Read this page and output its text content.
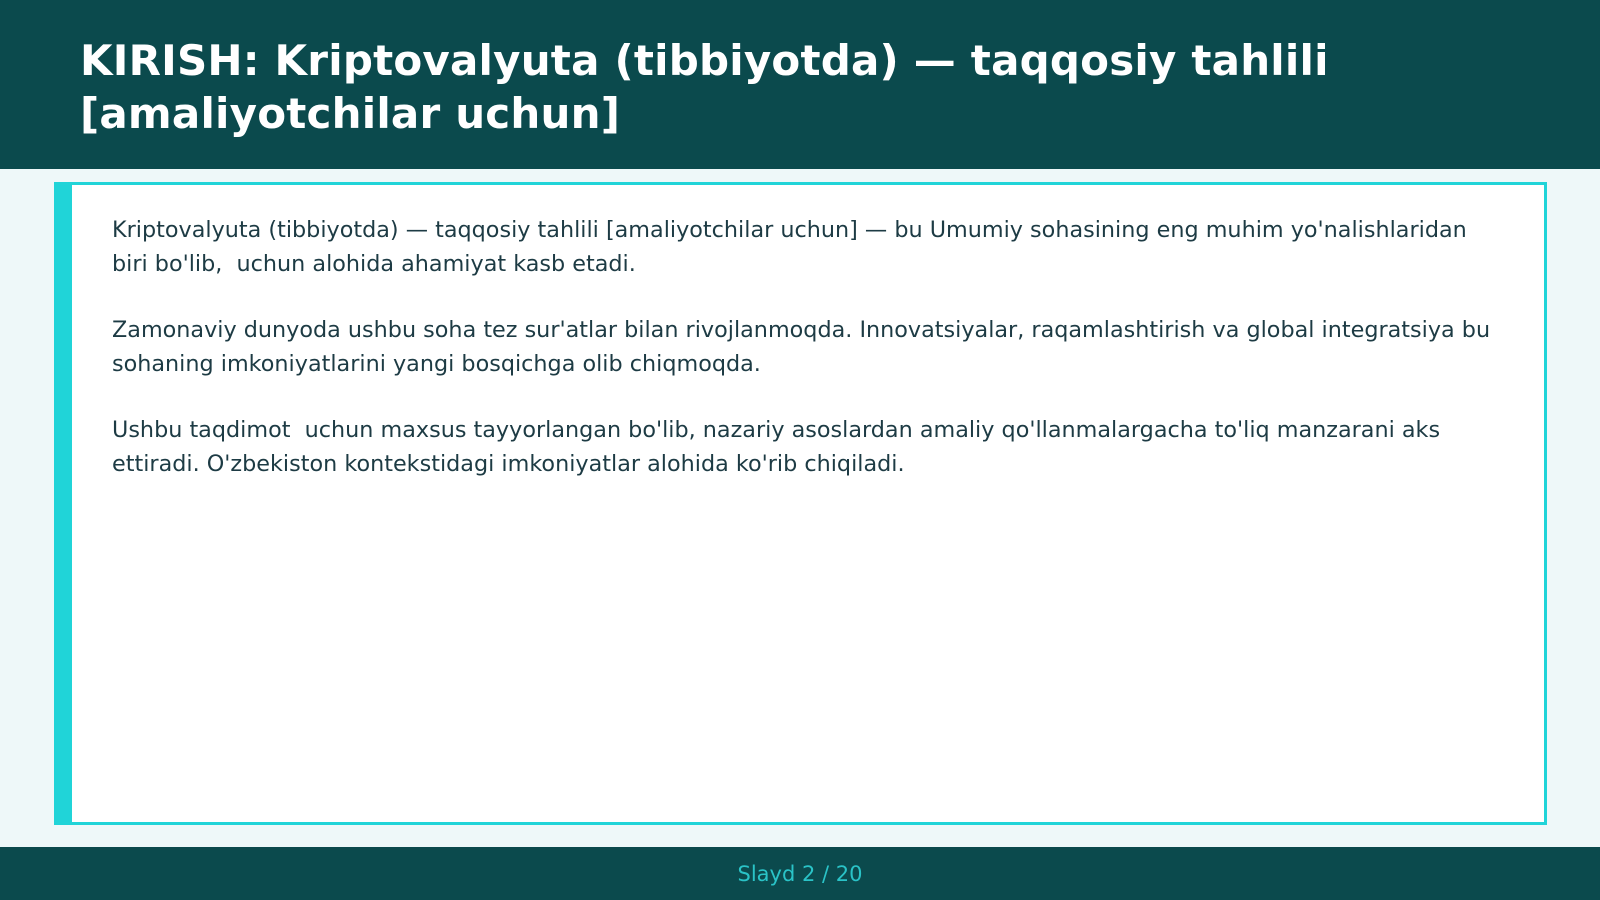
KIRISH: Kriptovalyuta (tibbiyotda) — taqqosiy tahlili [amaliyotchilar uchun]

Kriptovalyuta (tibbiyotda) — taqqosiy tahlili [amaliyotchilar uchun] — bu Umumiy sohasining eng muhim yo'nalishlaridan biri bo'lib,  uchun alohida ahamiyat kasb etadi.

Zamonaviy dunyoda ushbu soha tez sur'atlar bilan rivojlanmoqda. Innovatsiyalar, raqamlashtirish va global integratsiya bu sohaning imkoniyatlarini yangi bosqichga olib chiqmoqda.

Ushbu taqdimot  uchun maxsus tayyorlangan bo'lib, nazariy asoslardan amaliy qo'llanmalargacha to'liq manzarani aks ettiradi. O'zbekiston kontekstidagi imkoniyatlar alohida ko'rib chiqiladi.

Slayd 2 / 20
